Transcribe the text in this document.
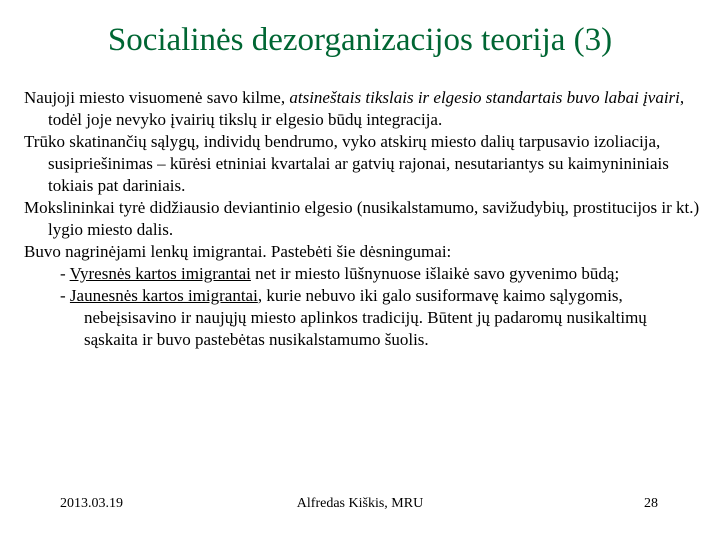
Socialinės dezorganizacijos teorija (3)

Naujoji miesto visuomenė savo kilme, atsineštais tikslais ir elgesio standartais buvo labai įvairi, todėl joje nevyko įvairių tikslų ir elgesio būdų integracija.

Trūko skatinančių sąlygų, individų bendrumo, vyko atskirų miesto dalių tarpusavio izoliacija, susipriešinimas – kūrėsi etniniai kvartalai ar gatvių rajonai, nesutariantys su kaimynininiais tokiais pat dariniais.

Mokslininkai tyrė didžiausio deviantinio elgesio (nusikalstamumo, savižudybių, prostitucijos ir kt.) lygio miesto dalis.

Buvo nagrinėjami lenkų imigrantai. Pastebėti šie dėsningumai:

- Vyresnės kartos imigrantai net ir miesto lūšnynuose išlaikė savo gyvenimo būdą;

- Jaunesnės kartos imigrantai, kurie nebuvo iki galo susiformavę kaimo sąlygomis, nebeįsisavino ir naujųjų miesto aplinkos tradicijų. Būtent jų padaromų nusikaltimų sąskaita ir buvo pastebėtas nusikalstamumo šuolis.

2013.03.19	Alfredas Kiškis, MRU	28
